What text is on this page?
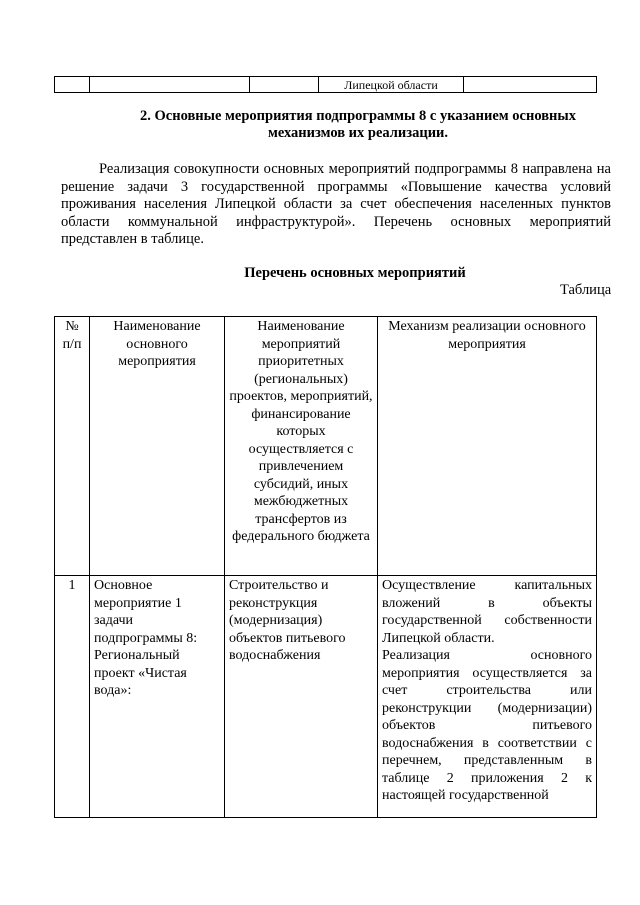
			Липецкой области	
2. Основные мероприятия подпрограммы 8 с указанием основных
механизмов их реализации.
Реализация совокупности основных мероприятий подпрограммы 8 направлена на решение задачи 3 государственной программы «Повышение качества условий проживания населения Липецкой области за счет обеспечения населенных пунктов области коммунальной инфраструктурой». Перечень основных мероприятий представлен в таблице.
Перечень основных мероприятий
Таблица
№ п/п	Наименование основного мероприятия	Наименование мероприятий приоритетных (региональных) проектов, мероприятий, финансирование которых осуществляется с привлечением субсидий, иных межбюджетных трансфертов из федерального бюджета	Механизм реализации основного мероприятия
1	Основное мероприятие 1 задачи подпрограммы 8: Региональный проект «Чистая вода»:	Строительство и реконструкция (модернизация) объектов питьевого водоснабжения	Осуществление капитальных вложений в объекты государственной собственности Липецкой области.
Реализация основного мероприятия осуществляется за счет строительства или реконструкции (модернизации) объектов питьевого водоснабжения в соответствии с перечнем, представленным в таблице 2 приложения 2 к настоящей государственной
